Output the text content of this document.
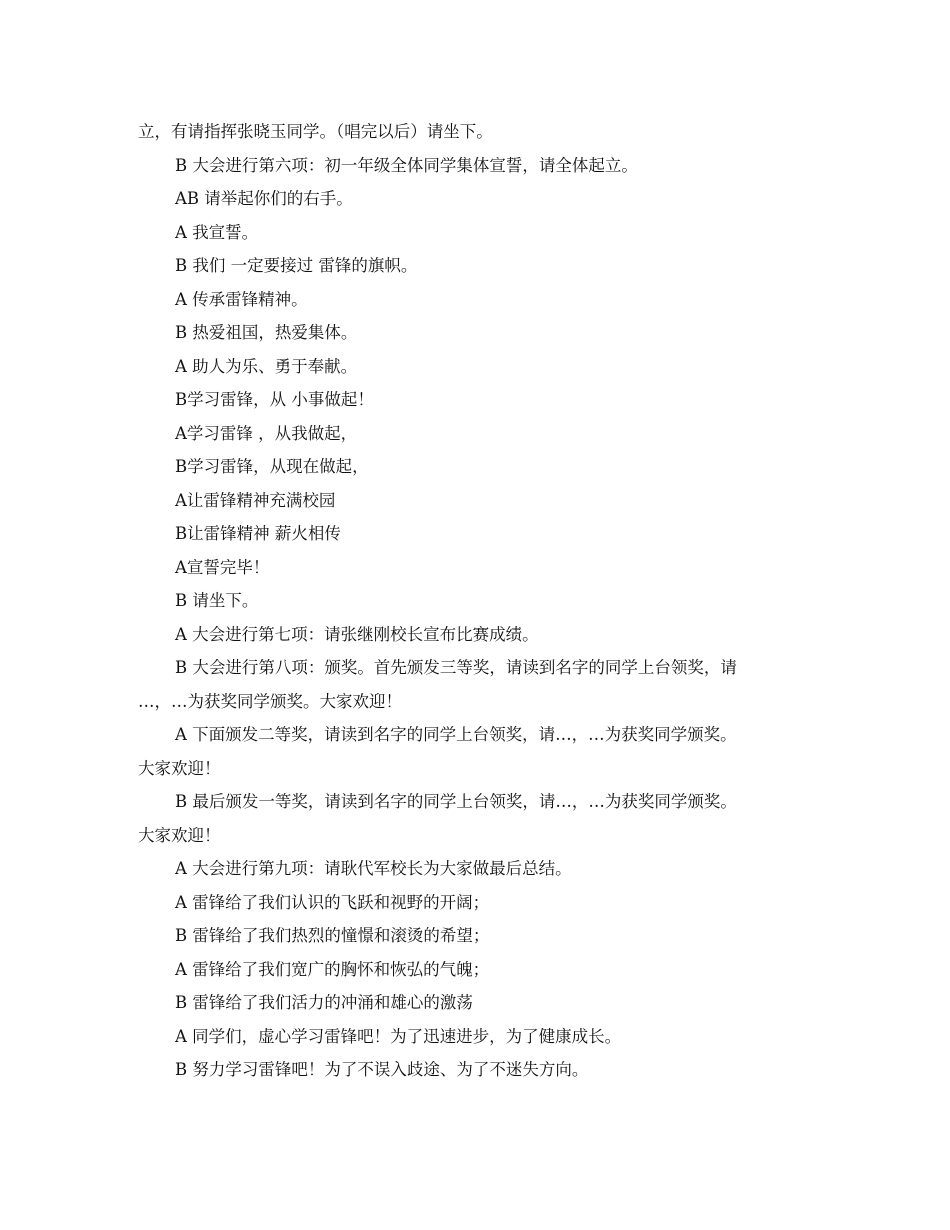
立，有请指挥张晓玉同学。（唱完以后）请坐下。
B 大会进行第六项：初一年级全体同学集体宣誓，请全体起立。
AB 请举起你们的右手。
A 我宣誓。
B 我们 一定要接过 雷锋的旗帜。
A 传承雷锋精神。
B 热爱祖国，热爱集体。
A 助人为乐、勇于奉献。
B学习雷锋，从 小事做起！
A学习雷锋 ，从我做起，
B学习雷锋，从现在做起，
A让雷锋精神充满校园
B让雷锋精神 薪火相传
A宣誓完毕！
B 请坐下。
A 大会进行第七项：请张继刚校长宣布比赛成绩。
B 大会进行第八项：颁奖。首先颁发三等奖，请读到名字的同学上台领奖，请
…，…为获奖同学颁奖。大家欢迎！
A 下面颁发二等奖，请读到名字的同学上台领奖，请…，…为获奖同学颁奖。
大家欢迎！
B 最后颁发一等奖，请读到名字的同学上台领奖，请…，…为获奖同学颁奖。
大家欢迎！
A 大会进行第九项：请耿代军校长为大家做最后总结。
A 雷锋给了我们认识的飞跃和视野的开阔；
B 雷锋给了我们热烈的憧憬和滚烫的希望；
A 雷锋给了我们宽广的胸怀和恢弘的气魄；
B 雷锋给了我们活力的冲涌和雄心的激荡
A 同学们，虚心学习雷锋吧！为了迅速进步，为了健康成长。
B 努力学习雷锋吧！为了不误入歧途、为了不迷失方向。
